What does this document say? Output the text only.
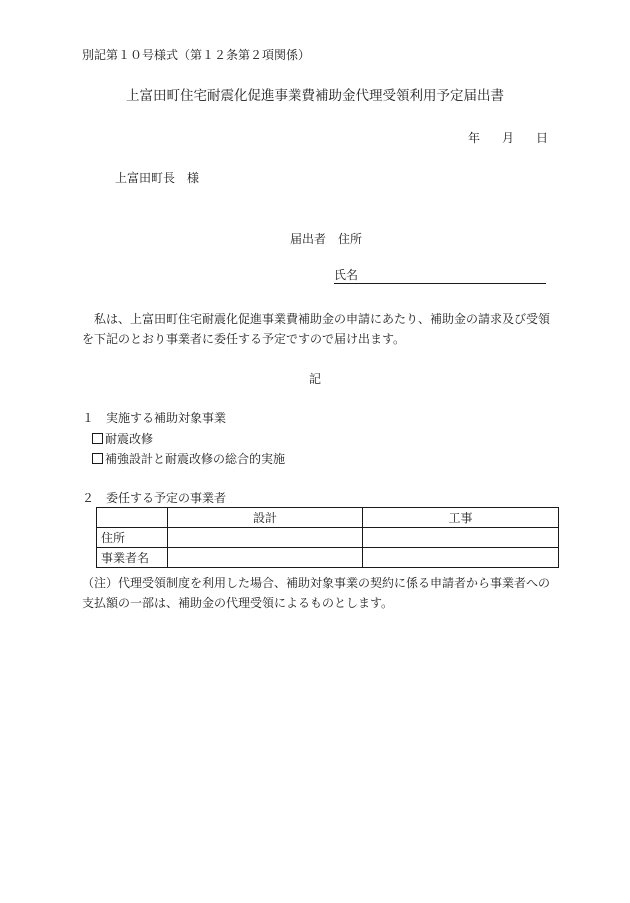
別記第１０号様式（第１２条第２項関係）
上富田町住宅耐震化促進事業費補助金代理受領利用予定届出書
年 月 日
上富田町長　様
届出者　住所
氏名
私は、上富田町住宅耐震化促進事業費補助金の申請にあたり、補助金の請求及び受領を下記のとおり事業者に委任する予定ですので届け出ます。
記
１　実施する補助対象事業
耐震改修
補強設計と耐震改修の総合的実施
２　委任する予定の事業者
	設計	工事
住所		
事業者名		
（注）代理受領制度を利用した場合、補助対象事業の契約に係る申請者から事業者への支払額の一部は、補助金の代理受領によるものとします。
